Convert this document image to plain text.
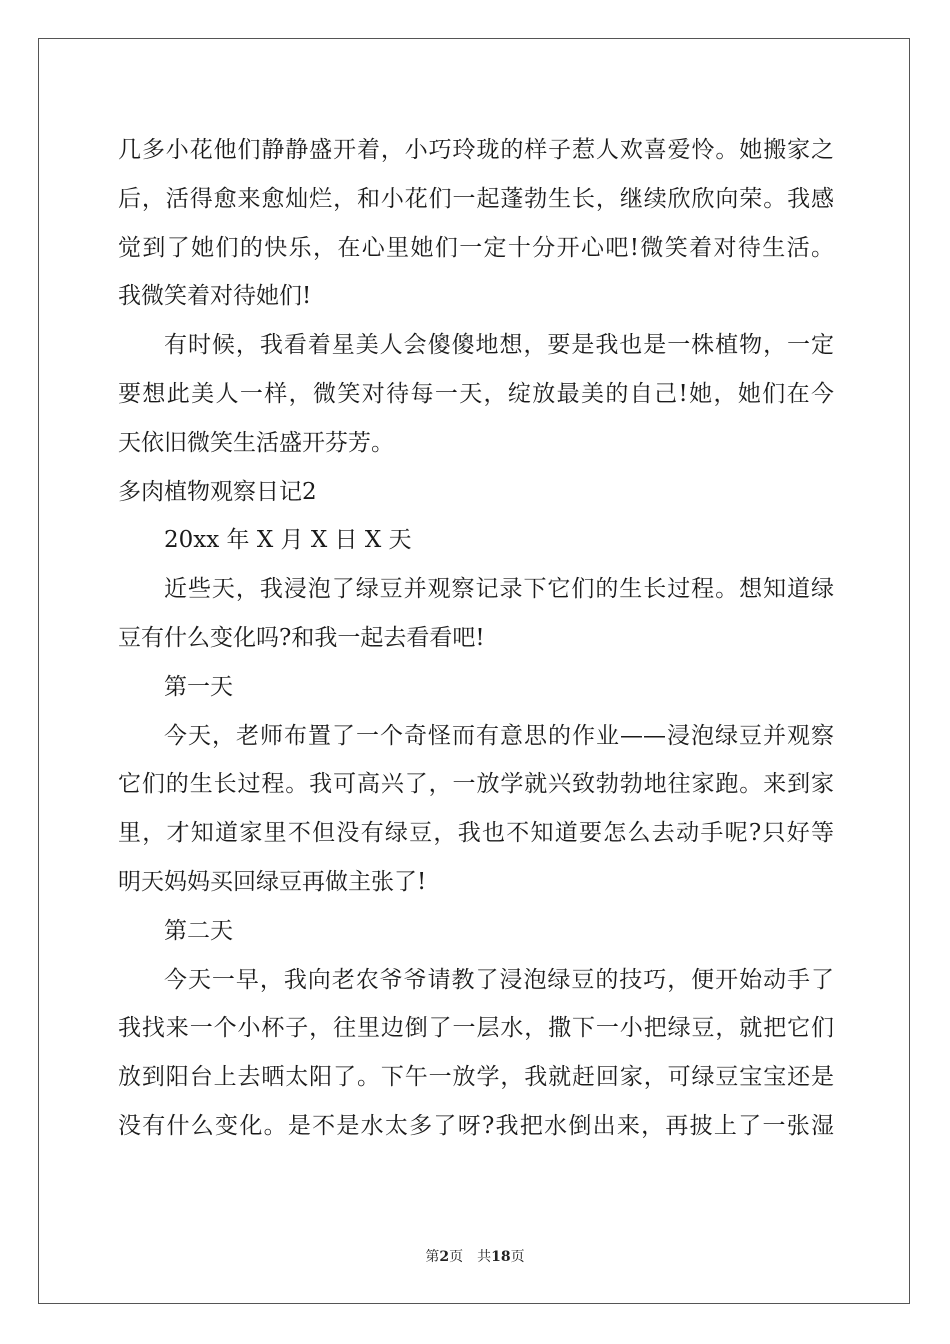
几多小花他们静静盛开着，小巧玲珑的样子惹人欢喜爱怜。她搬家之
后，活得愈来愈灿烂，和小花们一起蓬勃生长，继续欣欣向荣。我感
觉到了她们的快乐，在心里她们一定十分开心吧!微笑着对待生活。
我微笑着对待她们!
有时候，我看着星美人会傻傻地想，要是我也是一株植物，一定
要想此美人一样，微笑对待每一天，绽放最美的自己!她，她们在今
天依旧微笑生活盛开芬芳。
多肉植物观察日记2
20xx 年 X 月 X 日 X 天
近些天，我浸泡了绿豆并观察记录下它们的生长过程。想知道绿
豆有什么变化吗?和我一起去看看吧!
第一天
今天，老师布置了一个奇怪而有意思的作业——浸泡绿豆并观察
它们的生长过程。我可高兴了，一放学就兴致勃勃地往家跑。来到家
里，才知道家里不但没有绿豆，我也不知道要怎么去动手呢?只好等
明天妈妈买回绿豆再做主张了!
第二天
今天一早，我向老农爷爷请教了浸泡绿豆的技巧，便开始动手了
我找来一个小杯子，往里边倒了一层水，撒下一小把绿豆，就把它们
放到阳台上去晒太阳了。下午一放学，我就赶回家，可绿豆宝宝还是
没有什么变化。是不是水太多了呀?我把水倒出来，再披上了一张湿
第2页 共18页
